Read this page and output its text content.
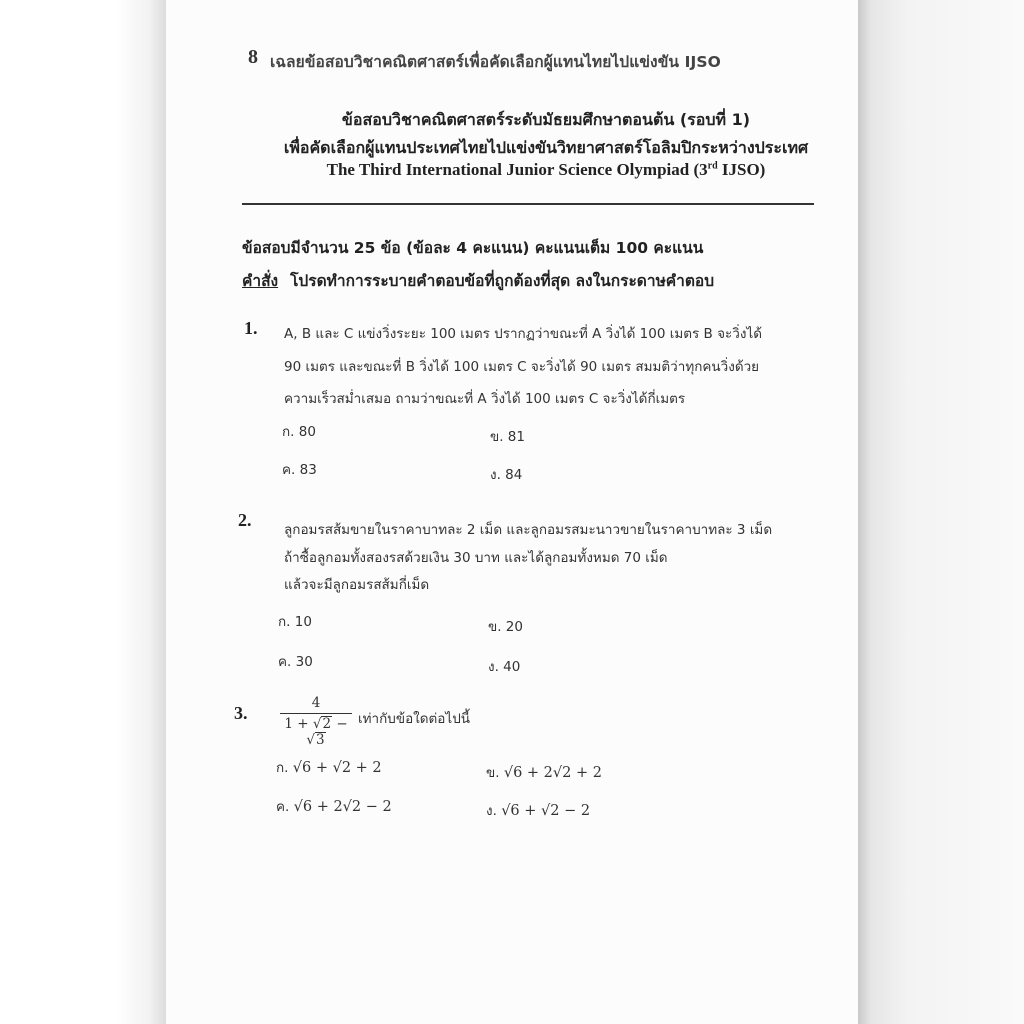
8 เฉลยข้อสอบวิชาคณิตศาสตร์เพื่อคัดเลือกผู้แทนไทยไปแข่งขัน IJSO
ข้อสอบวิชาคณิตศาสตร์ระดับมัธยมศึกษาตอนต้น (รอบที่ 1)
เพื่อคัดเลือกผู้แทนประเทศไทยไปแข่งขันวิทยาศาสตร์โอลิมปิกระหว่างประเทศ
The Third International Junior Science Olympiad (3rd IJSO)
ข้อสอบมีจำนวน 25 ข้อ (ข้อละ 4 คะแนน) คะแนนเต็ม 100 คะแนน
คำสั่ง โปรดทำการระบายคำตอบข้อที่ถูกต้องที่สุด ลงในกระดาษคำตอบ
1. A, B และ C แข่งวิ่งระยะ 100 เมตร ปรากฏว่าขณะที่ A วิ่งได้ 100 เมตร B จะวิ่งได้
90 เมตร และขณะที่ B วิ่งได้ 100 เมตร C จะวิ่งได้ 90 เมตร สมมติว่าทุกคนวิ่งด้วย
ความเร็วสม่ำเสมอ ถามว่าขณะที่ A วิ่งได้ 100 เมตร C จะวิ่งได้กี่เมตร
ก. 80	ข. 81
ค. 83	ง. 84
2. ลูกอมรสส้มขายในราคาบาทละ 2 เม็ด และลูกอมรสมะนาวขายในราคาบาทละ 3 เม็ด
ถ้าซื้อลูกอมทั้งสองรสด้วยเงิน 30 บาท และได้ลูกอมทั้งหมด 70 เม็ด
แล้วจะมีลูกอมรสส้มกี่เม็ด
ก. 10	ข. 20
ค. 30	ง. 40
3.	4
1 + √2 − √3
เท่ากับข้อใดต่อไปนี้
ก. √6 + √2 + 2	ข. √6 + 2√2 + 2
ค. √6 + 2√2 − 2	ง. √6 + √2 − 2
